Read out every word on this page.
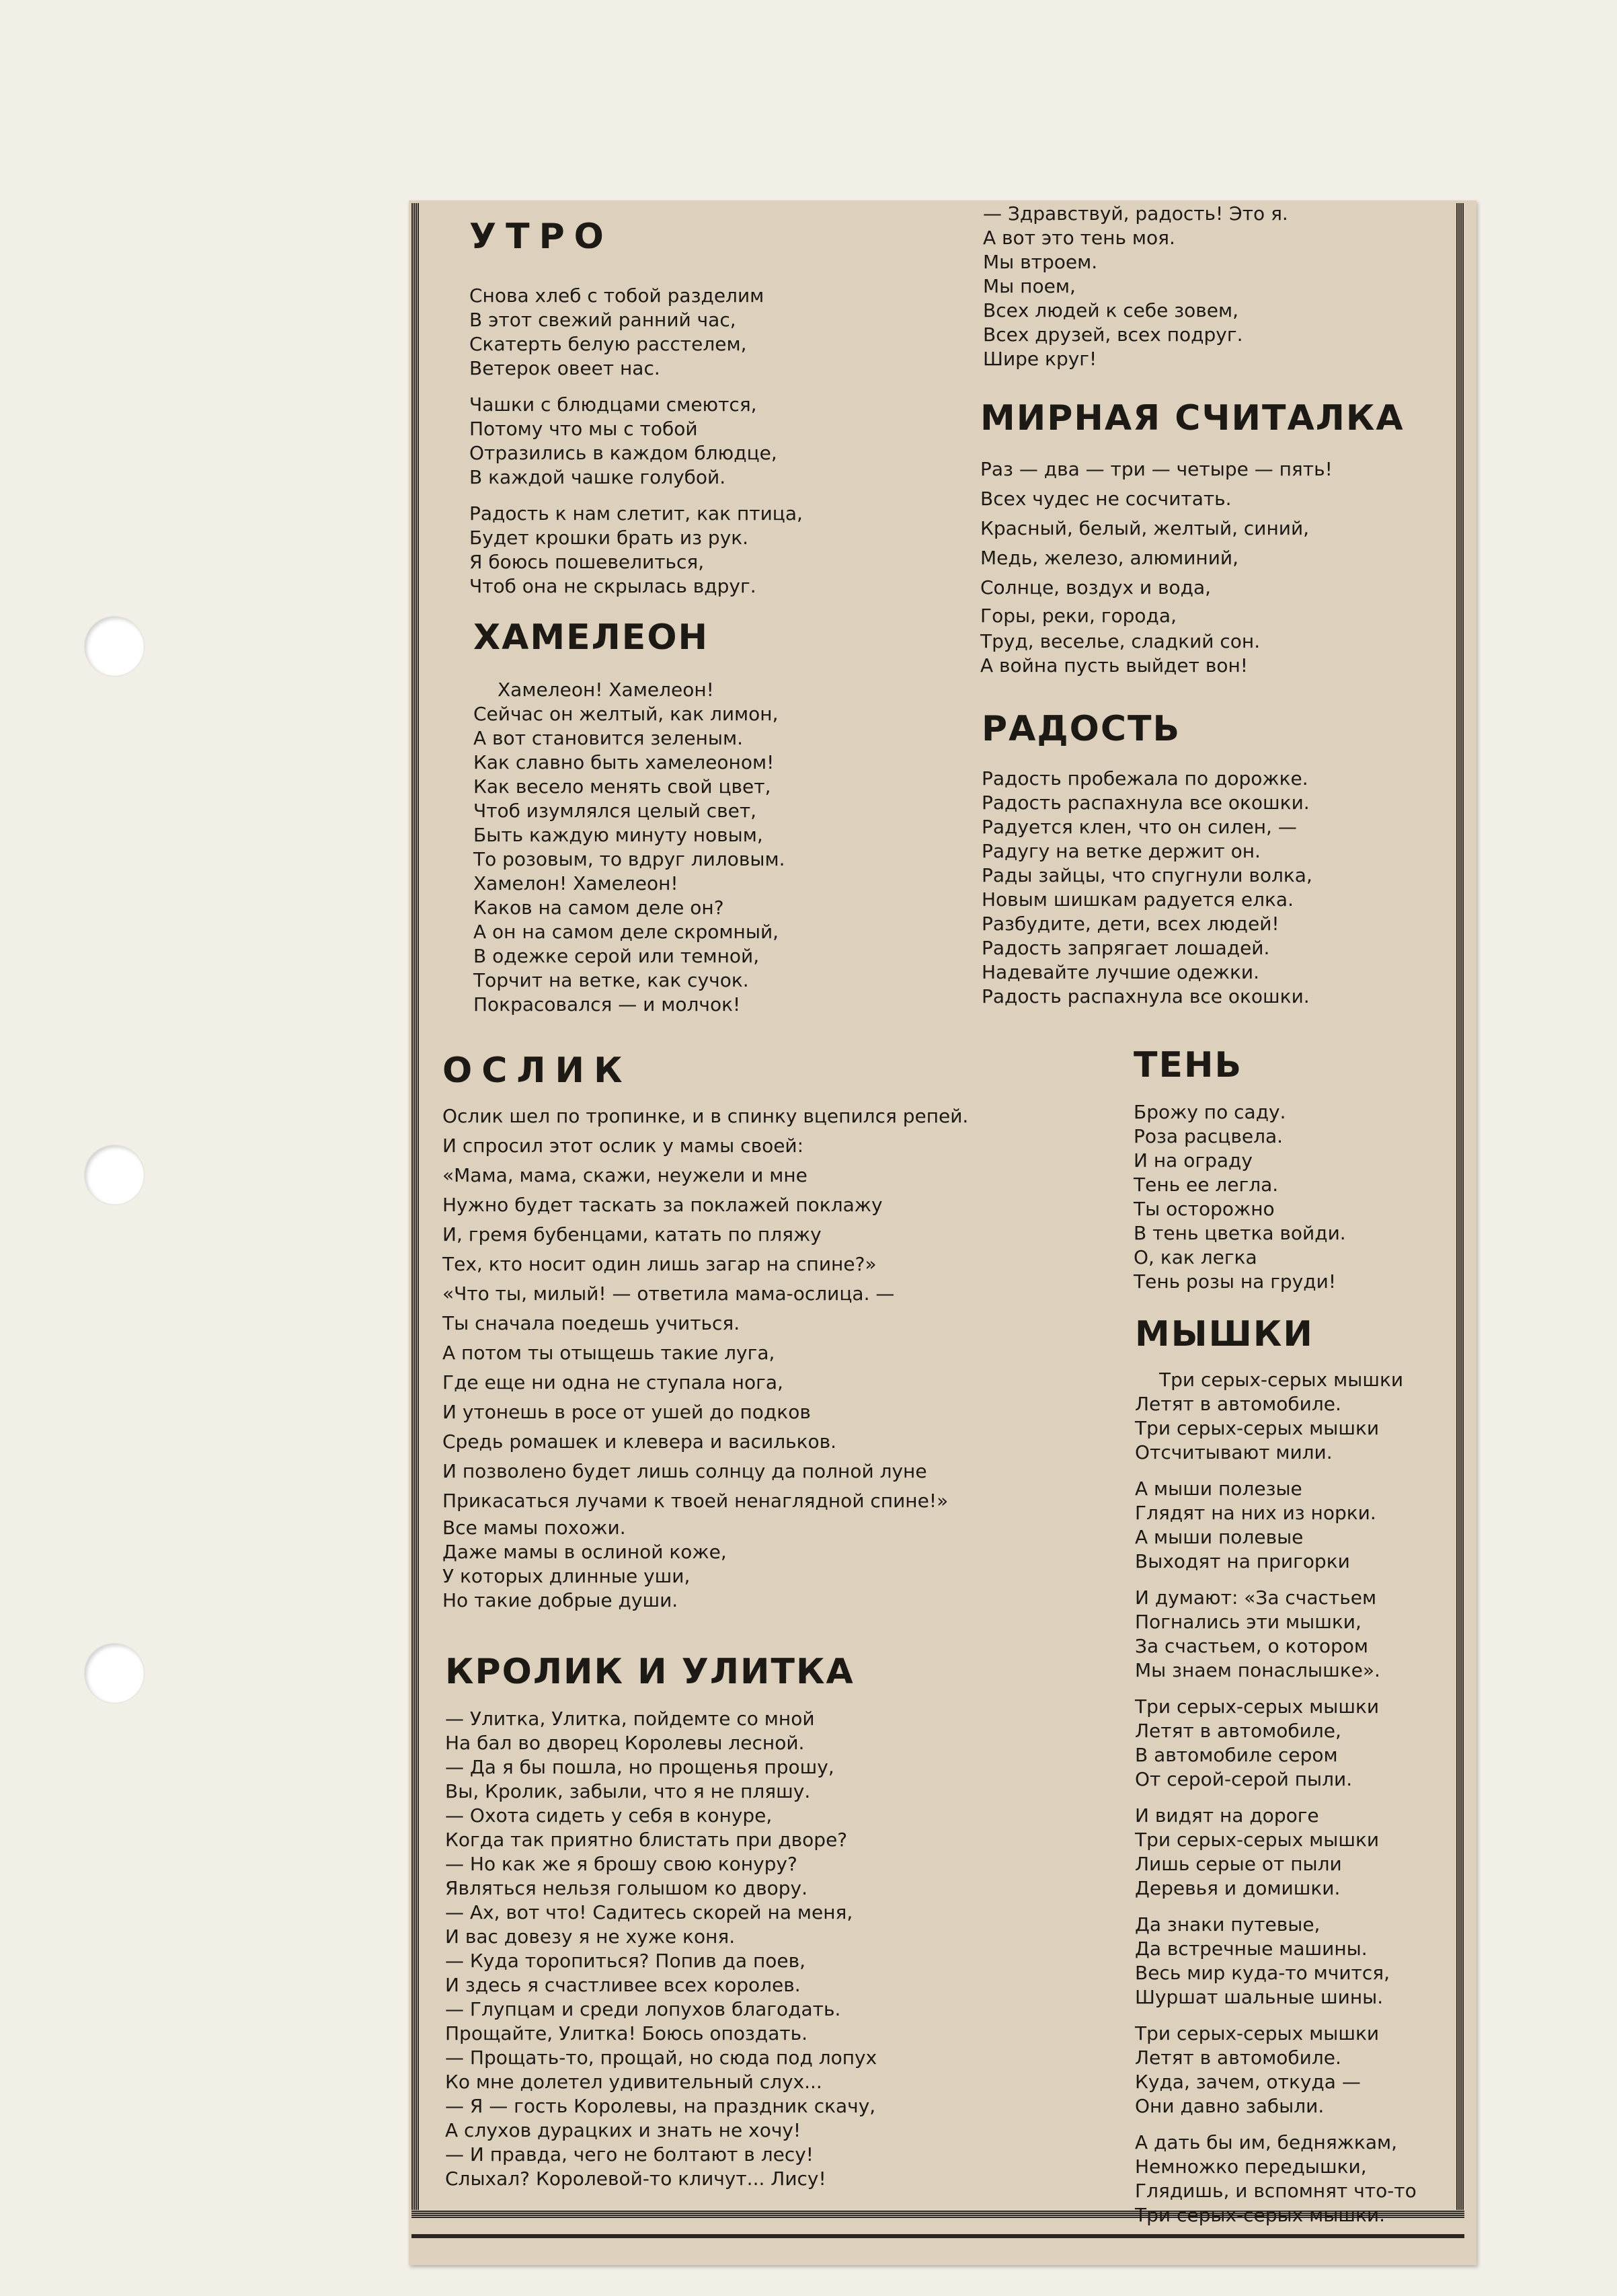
УТРО
Снова хлеб с тобой разделим
В этот свежий ранний час,
Скатерть белую расстелем,
Ветерок овеет нас.
Чашки с блюдцами смеются,
Потому что мы с тобой
Отразились в каждом блюдце,
В каждой чашке голубой.
Радость к нам слетит, как птица,
Будет крошки брать из рук.
Я боюсь пошевелиться,
Чтоб она не скрылась вдруг.
ХАМЕЛЕОН
Хамелеон! Хамелеон!
Сейчас он желтый, как лимон,
А вот становится зеленым.
Как славно быть хамелеоном!
Как весело менять свой цвет,
Чтоб изумлялся целый свет,
Быть каждую минуту новым,
То розовым, то вдруг лиловым.
Хамелон! Хамелеон!
Каков на самом деле он?
А он на самом деле скромный,
В одежке серой или темной,
Торчит на ветке, как сучок.
Покрасовался — и молчок!
— Здравствуй, радость! Это я.
А вот это тень моя.
Мы втроем.
Мы поем,
Всех людей к себе зовем,
Всех друзей, всех подруг.
Шире круг!
МИРНАЯ СЧИТАЛКА
Раз — два — три — четыре — пять!
Всех чудес не сосчитать.
Красный, белый, желтый, синий,
Медь, железо, алюминий,
Солнце, воздух и вода,
Горы, реки, города,
Труд, веселье, сладкий сон.
А война пусть выйдет вон!
РАДОСТЬ
Радость пробежала по дорожке.
Радость распахнула все окошки.
Радуется клен, что он силен, —
Радугу на ветке держит он.
Рады зайцы, что спугнули волка,
Новым шишкам радуется елка.
Разбудите, дети, всех людей!
Радость запрягает лошадей.
Надевайте лучшие одежки.
Радость распахнула все окошки.
ОСЛИК
Ослик шел по тропинке, и в спинку вцепился репей.
И спросил этот ослик у мамы своей:
«Мама, мама, скажи, неужели и мне
Нужно будет таскать за поклажей поклажу
И, гремя бубенцами, катать по пляжу
Тех, кто носит один лишь загар на спине?»
«Что ты, милый! — ответила мама-ослица. —
Ты сначала поедешь учиться.
А потом ты отыщешь такие луга,
Где еще ни одна не ступала нога,
И утонешь в росе от ушей до подков
Средь ромашек и клевера и васильков.
И позволено будет лишь солнцу да полной луне
Прикасаться лучами к твоей ненаглядной спине!»
Все мамы похожи.
Даже мамы в ослиной коже,
У которых длинные уши,
Но такие добрые души.
КРОЛИК И УЛИТКА
— Улитка, Улитка, пойдемте со мной
На бал во дворец Королевы лесной.
— Да я бы пошла, но прощенья прошу,
Вы, Кролик, забыли, что я не пляшу.
— Охота сидеть у себя в конуре,
Когда так приятно блистать при дворе?
— Но как же я брошу свою конуру?
Являться нельзя голышом ко двору.
— Ах, вот что! Садитесь скорей на меня,
И вас довезу я не хуже коня.
— Куда торопиться? Попив да поев,
И здесь я счастливее всех королев.
— Глупцам и среди лопухов благодать.
Прощайте, Улитка! Боюсь опоздать.
— Прощать-то, прощай, но сюда под лопух
Ко мне долетел удивительный слух...
— Я — гость Королевы, на праздник скачу,
А слухов дурацких и знать не хочу!
— И правда, чего не болтают в лесу!
Слыхал? Королевой-то кличут... Лису!
ТЕНЬ
Брожу по саду.
Роза расцвела.
И на ограду
Тень ее легла.
Ты осторожно
В тень цветка войди.
О, как легка
Тень розы на груди!
МЫШКИ
Три серых-серых мышки
Летят в автомобиле.
Три серых-серых мышки
Отсчитывают мили.
А мыши полезые
Глядят на них из норки.
А мыши полевые
Выходят на пригорки
И думают: «За счастьем
Погнались эти мышки,
За счастьем, о котором
Мы знаем понаслышке».
Три серых-серых мышки
Летят в автомобиле,
В автомобиле сером
От серой-серой пыли.
И видят на дороге
Три серых-серых мышки
Лишь серые от пыли
Деревья и домишки.
Да знаки путевые,
Да встречные машины.
Весь мир куда-то мчится,
Шуршат шальные шины.
Три серых-серых мышки
Летят в автомобиле.
Куда, зачем, откуда —
Они давно забыли.
А дать бы им, бедняжкам,
Немножко передышки,
Глядишь, и вспомнят что-то
Три серых-серых мышки.
